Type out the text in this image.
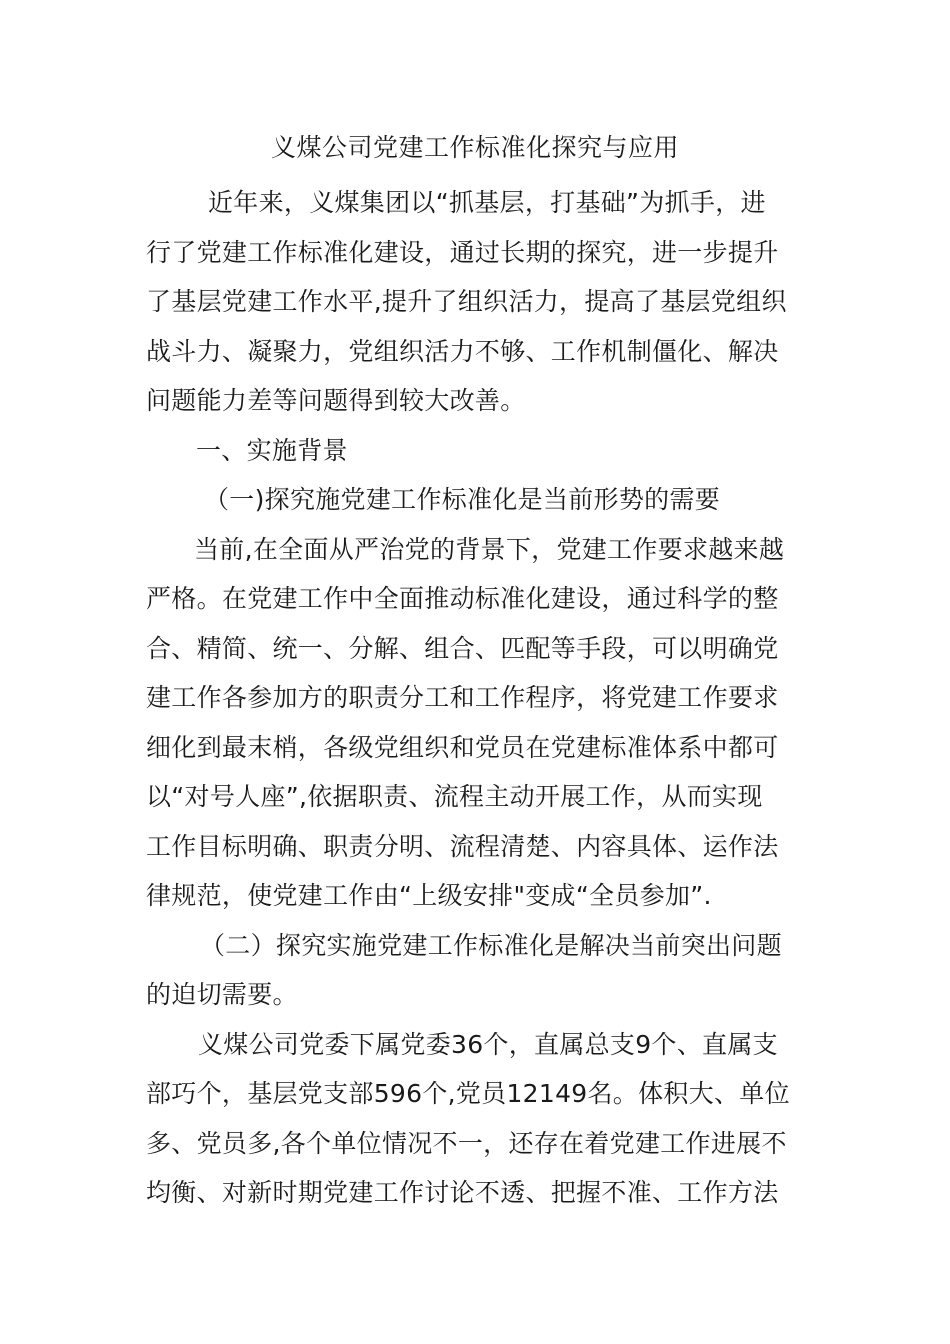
义煤公司党建工作标准化探究与应用
近年来，义煤集团以“抓基层，打基础”为抓手，进
行了党建工作标准化建设，通过长期的探究，进一步提升
了基层党建工作水平,提升了组织活力，提高了基层党组织
战斗力、凝聚力，党组织活力不够、工作机制僵化、解决
问题能力差等问题得到较大改善。
一、实施背景
（一)探究施党建工作标准化是当前形势的需要
当前,在全面从严治党的背景下，党建工作要求越来越
严格。在党建工作中全面推动标准化建设，通过科学的整
合、精简、统一、分解、组合、匹配等手段，可以明确党
建工作各参加方的职责分工和工作程序，将党建工作要求
细化到最末梢，各级党组织和党员在党建标准体系中都可
以“对号人座”,依据职责、流程主动开展工作，从而实现
工作目标明确、职责分明、流程清楚、内容具体、运作法
律规范，使党建工作由“上级安排"变成“全员参加”.
（二）探究实施党建工作标准化是解决当前突出问题
的迫切需要。
义煤公司党委下属党委36个，直属总支9个、直属支
部巧个，基层党支部596个,党员12149名。体积大、单位
多、党员多,各个单位情况不一，还存在着党建工作进展不
均衡、对新时期党建工作讨论不透、把握不准、工作方法
